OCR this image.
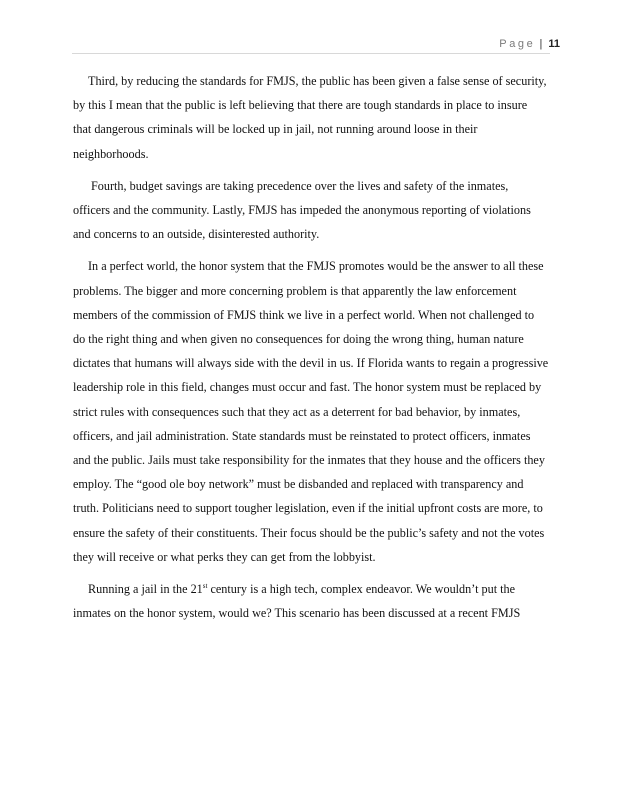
Page | 11

Third, by reducing the standards for FMJS, the public has been given a false sense of security,
by this I mean that the public is left believing that there are tough standards in place to insure
that dangerous criminals will be locked up in jail, not running around loose in their
neighborhoods.

Fourth, budget savings are taking precedence over the lives and safety of the inmates,
officers and the community. Lastly, FMJS has impeded the anonymous reporting of violations
and concerns to an outside, disinterested authority.

In a perfect world, the honor system that the FMJS promotes would be the answer to all these
problems. The bigger and more concerning problem is that apparently the law enforcement
members of the commission of FMJS think we live in a perfect world. When not challenged to
do the right thing and when given no consequences for doing the wrong thing, human nature
dictates that humans will always side with the devil in us. If Florida wants to regain a progressive
leadership role in this field, changes must occur and fast. The honor system must be replaced by
strict rules with consequences such that they act as a deterrent for bad behavior, by inmates,
officers, and jail administration. State standards must be reinstated to protect officers, inmates
and the public. Jails must take responsibility for the inmates that they house and the officers they
employ. The “good ole boy network” must be disbanded and replaced with transparency and
truth. Politicians need to support tougher legislation, even if the initial upfront costs are more, to
ensure the safety of their constituents. Their focus should be the public’s safety and not the votes
they will receive or what perks they can get from the lobbyist.

Running a jail in the 21st century is a high tech, complex endeavor. We wouldn’t put the
inmates on the honor system, would we? This scenario has been discussed at a recent FMJS
